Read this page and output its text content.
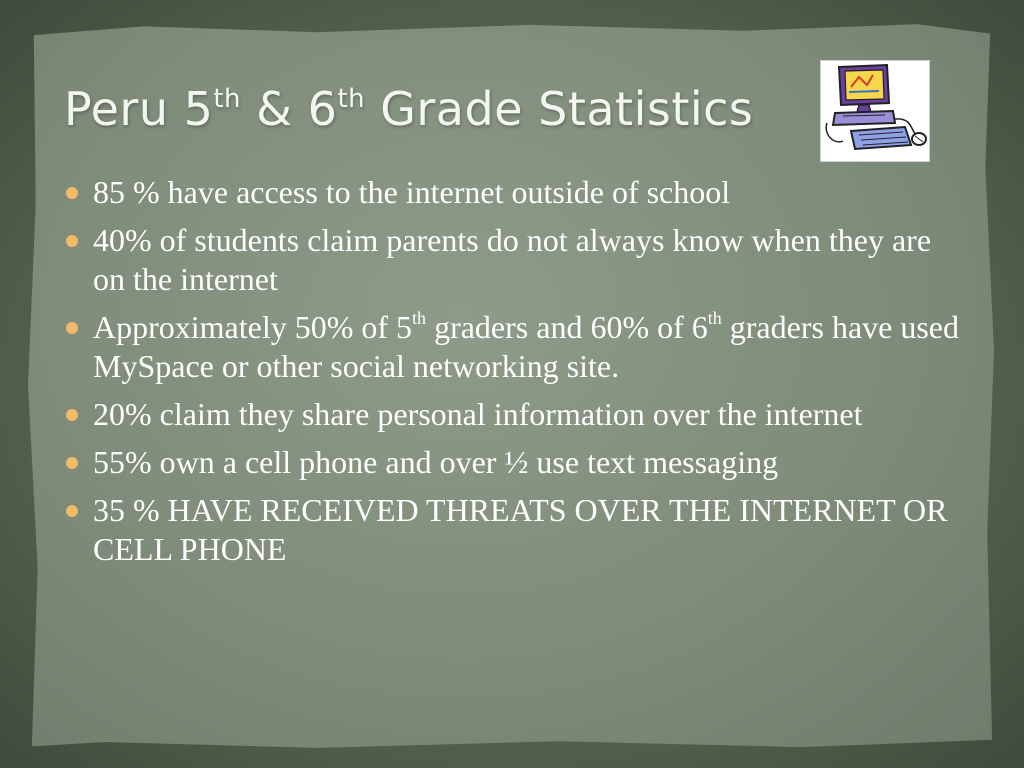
Peru 5th & 6th Grade Statistics
85 % have access to the internet outside of school
40% of students claim parents do not always know when they are on the internet
Approximately 50% of 5th graders and 60% of 6th graders have used MySpace or other social networking site.
20% claim they share personal information over the internet
55% own a cell phone and over ½ use text messaging
35 % HAVE RECEIVED THREATS OVER THE INTERNET OR CELL PHONE
